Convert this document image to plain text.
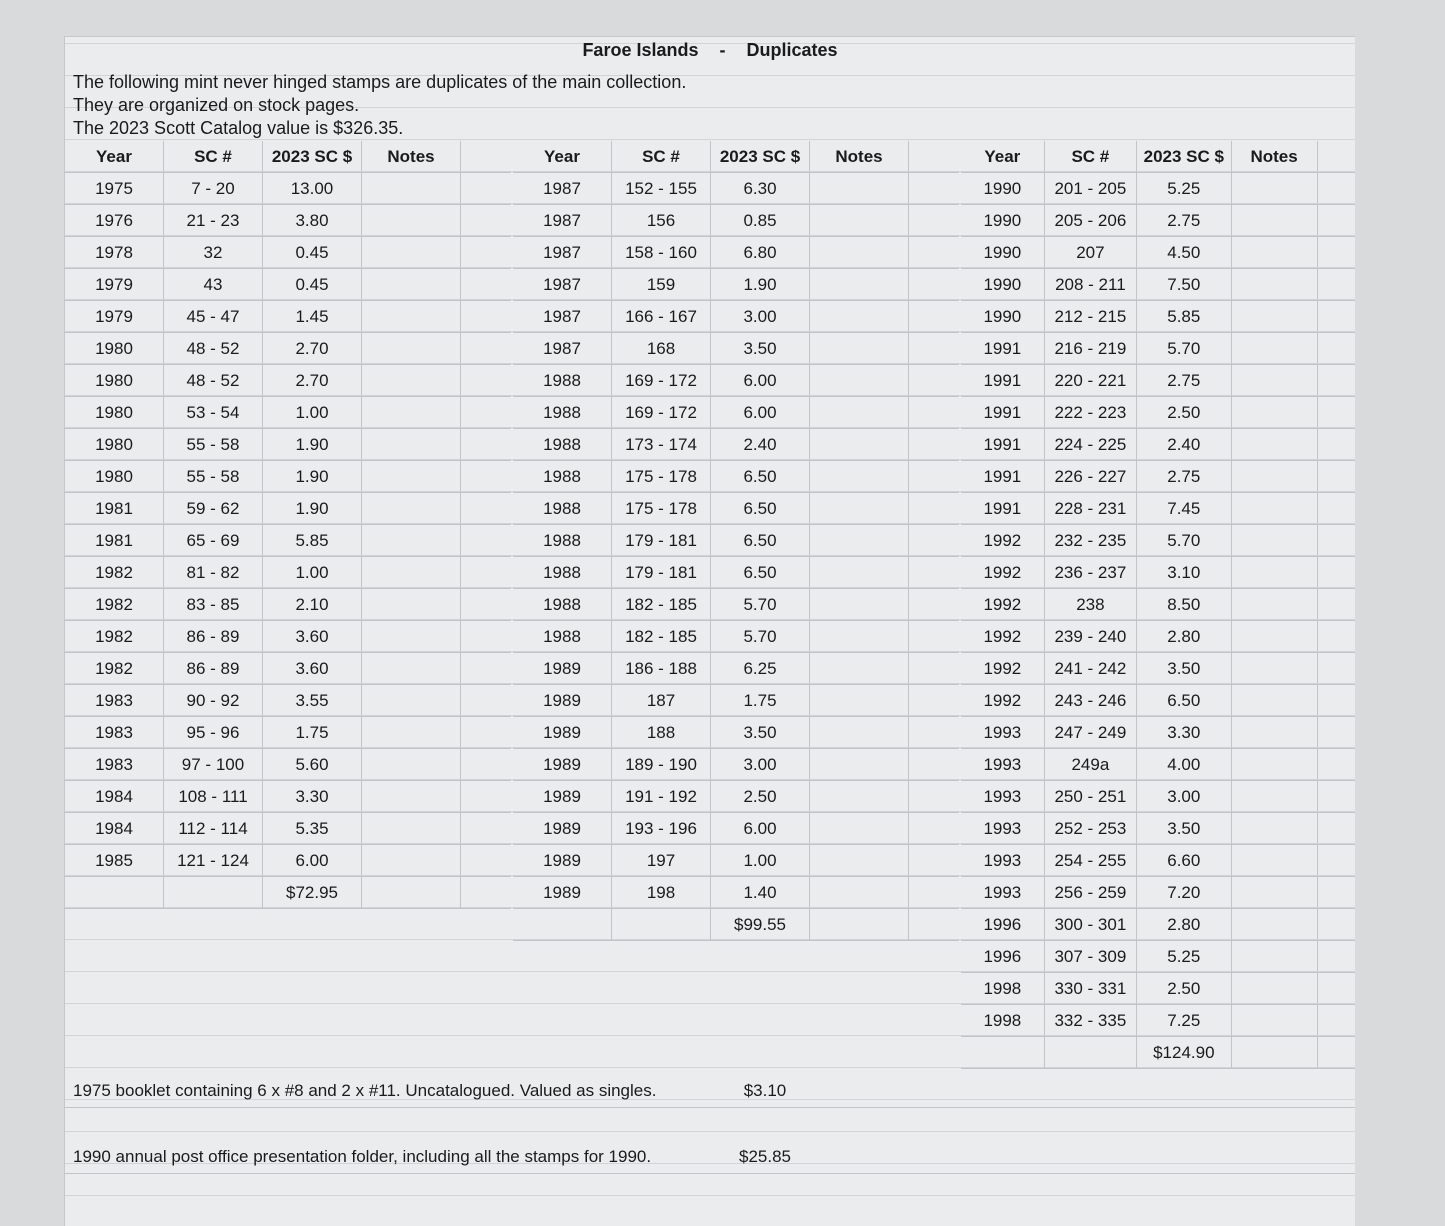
Faroe Islands - Duplicates
The following mint never hinged stamps are duplicates of the main collection.
They are organized on stock pages.
The 2023 Scott Catalog value is $326.35.
Year	SC #	2023 SC $	Notes	
1975	7 - 20	13.00		
1976	21 - 23	3.80		
1978	32	0.45		
1979	43	0.45		
1979	45 - 47	1.45		
1980	48 - 52	2.70		
1980	48 - 52	2.70		
1980	53 - 54	1.00		
1980	55 - 58	1.90		
1980	55 - 58	1.90		
1981	59 - 62	1.90		
1981	65 - 69	5.85		
1982	81 - 82	1.00		
1982	83 - 85	2.10		
1982	86 - 89	3.60		
1982	86 - 89	3.60		
1983	90 - 92	3.55		
1983	95 - 96	1.75		
1983	97 - 100	5.60		
1984	108 - 111	3.30		
1984	112 - 114	5.35		
1985	121 - 124	6.00		
		$72.95		
Year	SC #	2023 SC $	Notes	
1987	152 - 155	6.30		
1987	156	0.85		
1987	158 - 160	6.80		
1987	159	1.90		
1987	166 - 167	3.00		
1987	168	3.50		
1988	169 - 172	6.00		
1988	169 - 172	6.00		
1988	173 - 174	2.40		
1988	175 - 178	6.50		
1988	175 - 178	6.50		
1988	179 - 181	6.50		
1988	179 - 181	6.50		
1988	182 - 185	5.70		
1988	182 - 185	5.70		
1989	186 - 188	6.25		
1989	187	1.75		
1989	188	3.50		
1989	189 - 190	3.00		
1989	191 - 192	2.50		
1989	193 - 196	6.00		
1989	197	1.00		
1989	198	1.40		
		$99.55		
Year	SC #	2023 SC $	Notes	
1990	201 - 205	5.25		
1990	205 - 206	2.75		
1990	207	4.50		
1990	208 - 211	7.50		
1990	212 - 215	5.85		
1991	216 - 219	5.70		
1991	220 - 221	2.75		
1991	222 - 223	2.50		
1991	224 - 225	2.40		
1991	226 - 227	2.75		
1991	228 - 231	7.45		
1992	232 - 235	5.70		
1992	236 - 237	3.10		
1992	238	8.50		
1992	239 - 240	2.80		
1992	241 - 242	3.50		
1992	243 - 246	6.50		
1993	247 - 249	3.30		
1993	249a	4.00		
1993	250 - 251	3.00		
1993	252 - 253	3.50		
1993	254 - 255	6.60		
1993	256 - 259	7.20		
1996	300 - 301	2.80		
1996	307 - 309	5.25		
1998	330 - 331	2.50		
1998	332 - 335	7.25		
		$124.90		
1975 booklet containing 6 x #8 and 2 x #11. Uncatalogued. Valued as singles.	$3.10
1990 annual post office presentation folder, including all the stamps for 1990.	$25.85
